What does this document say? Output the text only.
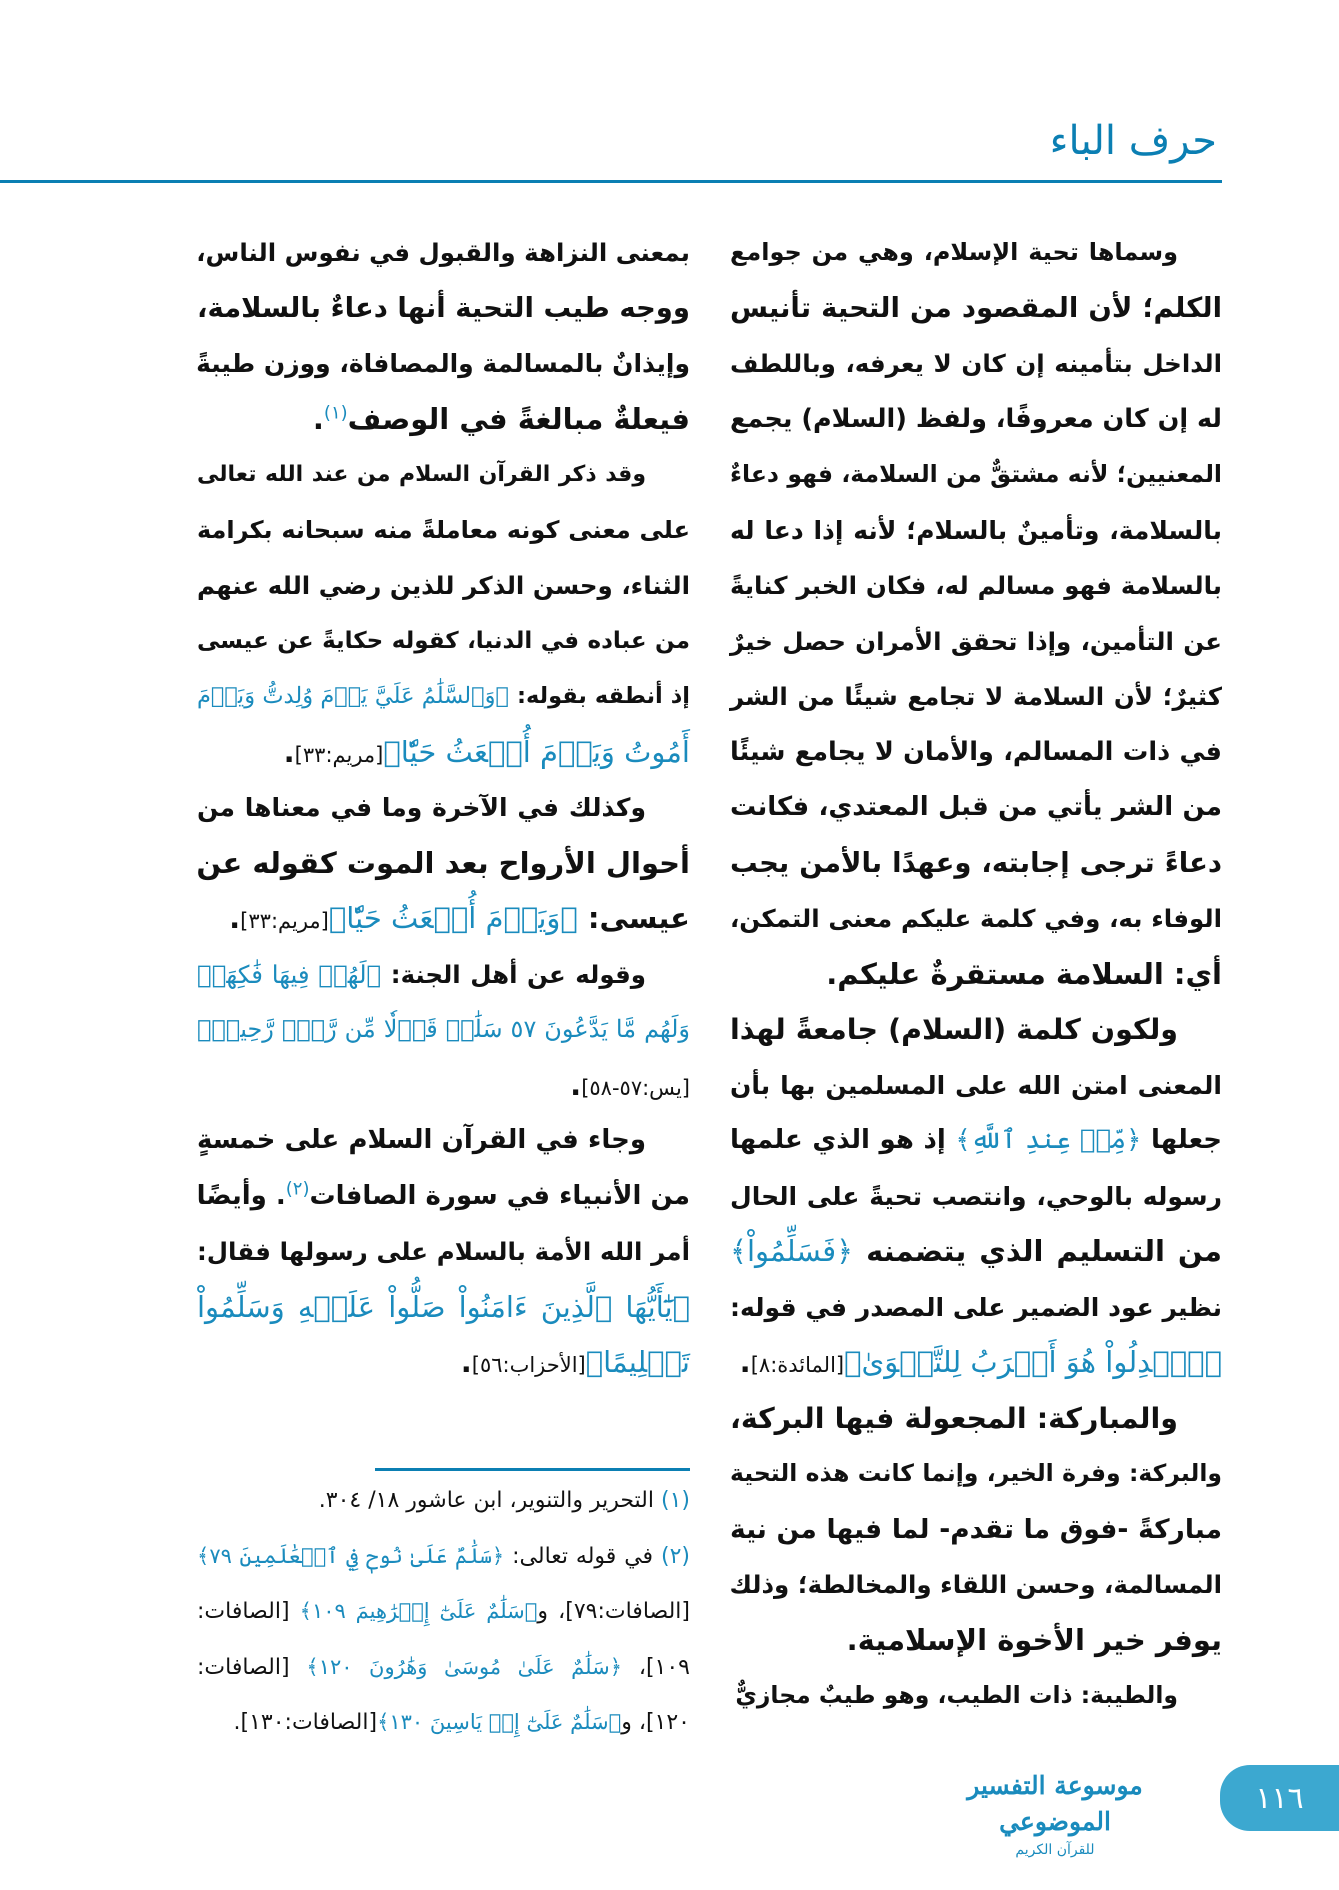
حرف الباء
وسماها تحية الإسلام، وهي من جوامع
الكلم؛ لأن المقصود من التحية تأنيس
الداخل بتأمينه إن كان لا يعرفه، وباللطف
له إن كان معروفًا، ولفظ (السلام) يجمع
المعنيين؛ لأنه مشتقٌّ من السلامة، فهو دعاءٌ
بالسلامة، وتأمينٌ بالسلام؛ لأنه إذا دعا له
بالسلامة فهو مسالم له، فكان الخبر كنايةً
عن التأمين، وإذا تحقق الأمران حصل خيرٌ
كثيرٌ؛ لأن السلامة لا تجامع شيئًا من الشر
في ذات المسالم، والأمان لا يجامع شيئًا
من الشر يأتي من قبل المعتدي، فكانت
دعاءً ترجى إجابته، وعهدًا بالأمن يجب
الوفاء به، وفي كلمة عليكم معنى التمكن،
أي: السلامة مستقرةٌ عليكم.
ولكون كلمة (السلام) جامعةً لهذا
المعنى امتن الله على المسلمين بها بأن
جعلها ﴿مِّنۡ عِندِ ٱللَّهِ﴾ إذ هو الذي علمها
رسوله بالوحي، وانتصب تحيةً على الحال
من التسليم الذي يتضمنه ﴿فَسَلِّمُواْ﴾
نظير عود الضمير على المصدر في قوله:
﴿ٱعۡدِلُواْ هُوَ أَقۡرَبُ لِلتَّقۡوَىٰ﴾[المائدة:٨].
والمباركة: المجعولة فيها البركة،
والبركة: وفرة الخير، وإنما كانت هذه التحية
مباركةً -فوق ما تقدم- لما فيها من نية
المسالمة، وحسن اللقاء والمخالطة؛ وذلك
يوفر خير الأخوة الإسلامية.
والطيبة: ذات الطيب، وهو طيبٌ مجازيٌّ
بمعنى النزاهة والقبول في نفوس الناس،
ووجه طيب التحية أنها دعاءٌ بالسلامة،
وإيذانٌ بالمسالمة والمصافاة، ووزن طيبةً
فيعلةٌ مبالغةً في الوصف$^{(١)}$.
وقد ذكر القرآن السلام من عند الله تعالى
على معنى كونه معاملةً منه سبحانه بكرامة
الثناء، وحسن الذكر للذين رضي الله عنهم
من عباده في الدنيا، كقوله حكايةً عن عيسى
إذ أنطقه بقوله: ﴿وَٱلسَّلَٰمُ عَلَيَّ يَوۡمَ وُلِدتُّ وَيَوۡمَ
أَمُوتُ وَيَوۡمَ أُبۡعَثُ حَيّٗا﴾[مريم:٣٣].
وكذلك في الآخرة وما في معناها من
أحوال الأرواح بعد الموت كقوله عن
عيسى: ﴿وَيَوۡمَ أُبۡعَثُ حَيّٗا﴾[مريم:٣٣].
وقوله عن أهل الجنة: ﴿لَهُمۡ فِيهَا فَٰكِهَةٞ
وَلَهُم مَّا يَدَّعُونَ ٥٧ سَلَٰمٞ قَوۡلٗا مِّن رَّبّٖ رَّحِيمٖ﴾
[يس:٥٧-٥٨].
وجاء في القرآن السلام على خمسةٍ
من الأنبياء في سورة الصافات$^{(٢)}$. وأيضًا
أمر الله الأمة بالسلام على رسولها فقال:
﴿يَٰٓأَيُّهَا ٱلَّذِينَ ءَامَنُواْ صَلُّواْ عَلَيۡهِ وَسَلِّمُواْ
تَسۡلِيمًا﴾[الأحزاب:٥٦].
(١) التحرير والتنوير، ابن عاشور ١٨/ ٣٠٤.
(٢) في قوله تعالى: ﴿سَلَٰمٌ عَلَىٰ نُوحٖ فِي ٱلۡعَٰلَمِينَ ٧٩﴾
[الصافات:٧٩]، و﴿سَلَٰمٌ عَلَىٰٓ إِبۡرَٰهِيمَ ١٠٩﴾ [الصافات:
١٠٩]، ﴿سَلَٰمٌ عَلَىٰ مُوسَىٰ وَهَٰرُونَ ١٢٠﴾ [الصافات:
١٢٠]، و﴿سَلَٰمٌ عَلَىٰٓ إِلۡ يَاسِينَ ١٣٠﴾[الصافات:١٣٠].
موسوعة التفسير الموضوعي
للقرآن الكريم
١١٦
